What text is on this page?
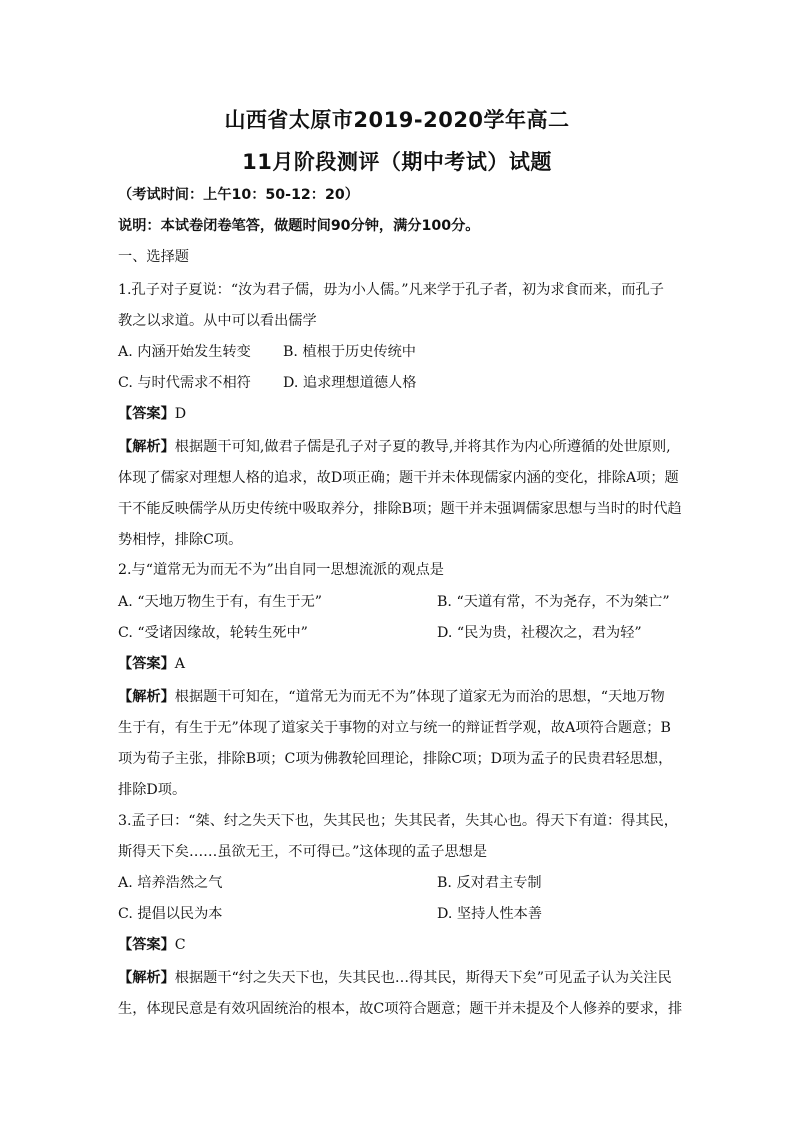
山西省太原市2019-2020学年高二
11月阶段测评（期中考试）试题
（考试时间：上午10：50-12：20）
说明：本试卷闭卷笔答，做题时间90分钟，满分100分。
一、选择题
1.孔子对子夏说：“汝为君子儒，毋为小人儒。”凡来学于孔子者，初为求食而来，而孔子
教之以求道。从中可以看出儒学
A. 内涵开始发生转变 B. 植根于历史传统中
C. 与时代需求不相符 D. 追求理想道德人格
【答案】D
【解析】根据题干可知,做君子儒是孔子对子夏的教导,并将其作为内心所遵循的处世原则,
体现了儒家对理想人格的追求，故D项正确；题干并未体现儒家内涵的变化，排除A项；题
干不能反映儒学从历史传统中吸取养分，排除B项；题干并未强调儒家思想与当时的时代趋
势相悖，排除C项。
2.与“道常无为而无不为”出自同一思想流派的观点是
A. “天地万物生于有，有生于无”	B. “天道有常，不为尧存，不为桀亡”
C. “受诸因缘故，轮转生死中”	D. “民为贵，社稷次之，君为轻”
【答案】A
【解析】根据题干可知在，“道常无为而无不为”体现了道家无为而治的思想，“天地万物
生于有，有生于无”体现了道家关于事物的对立与统一的辩证哲学观，故A项符合题意；B
项为荀子主张，排除B项；C项为佛教轮回理论，排除C项；D项为孟子的民贵君轻思想，
排除D项。
3.孟子曰：“桀、纣之失天下也，失其民也；失其民者，失其心也。得天下有道：得其民，
斯得天下矣……虽欲无王，不可得已。”这体现的孟子思想是
A. 培养浩然之气	B. 反对君主专制
C. 提倡以民为本	D. 坚持人性本善
【答案】C
【解析】根据题干“纣之失天下也，失其民也…得其民，斯得天下矣”可见孟子认为关注民
生，体现民意是有效巩固统治的根本，故C项符合题意；题干并未提及个人修养的要求，排
